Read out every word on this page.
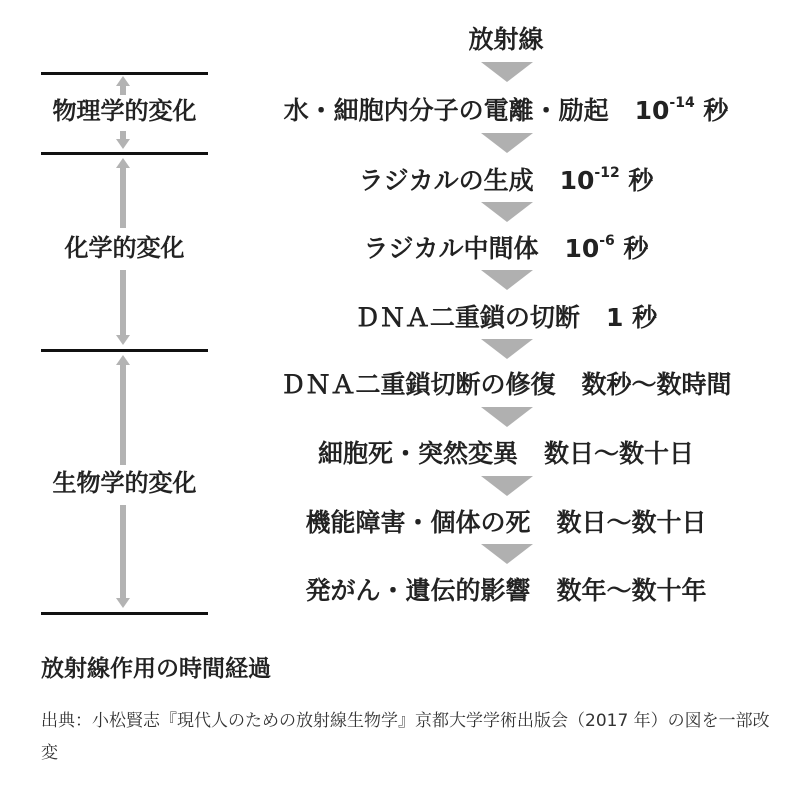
物理学的変化
化学的変化
生物学的変化
放射線
水・細胞内分子の電離・励起 $10^{-14}$ 秒
ラジカルの生成 $10^{-12}$ 秒
ラジカル中間体 $10^{-6}$ 秒
ＤＮＡ二重鎖の切断 1 秒
ＤＮＡ二重鎖切断の修復 数秒〜数時間
細胞死・突然変異 数日〜数十日
機能障害・個体の死 数日〜数十日
発がん・遺伝的影響 数年〜数十年
放射線作用の時間経過
出典：小松賢志『現代人のための放射線生物学』京都大学学術出版会（2017 年）の図を一部改変
